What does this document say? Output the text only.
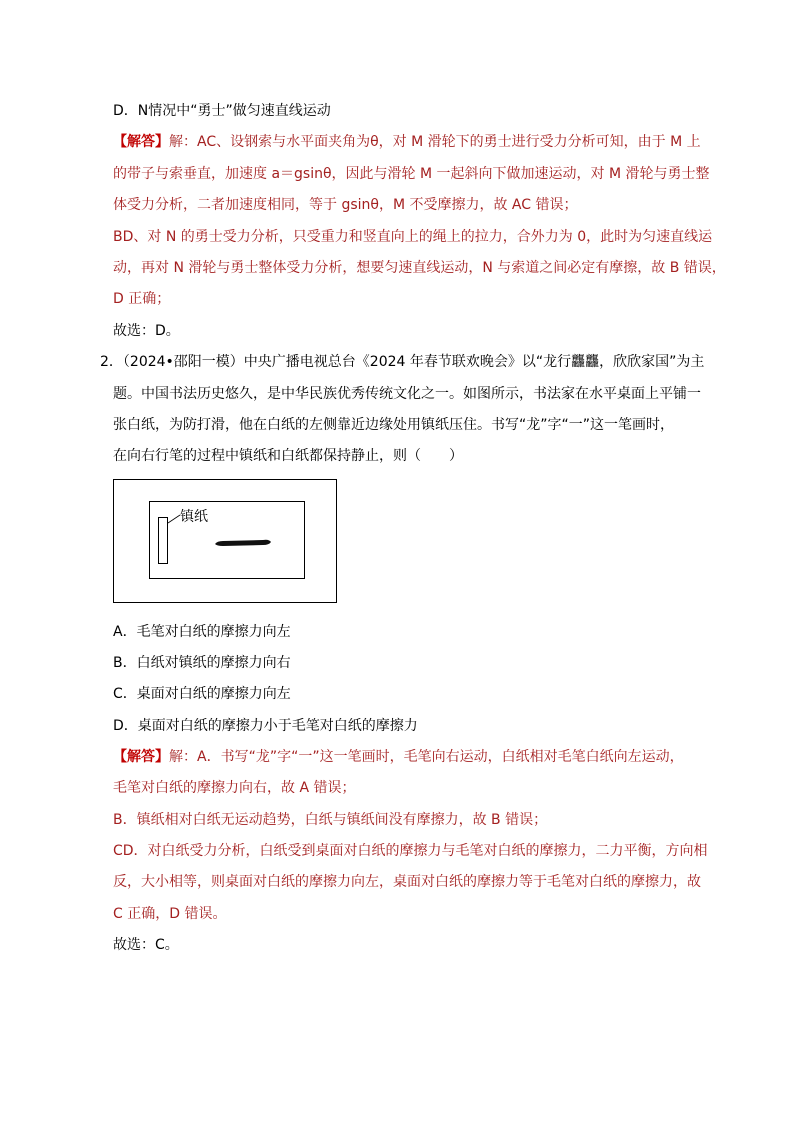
D．N情况中“勇士”做匀速直线运动
【解答】解：AC、设钢索与水平面夹角为θ，对 M 滑轮下的勇士进行受力分析可知，由于 M 上
的带子与索垂直，加速度 a＝gsinθ，因此与滑轮 M 一起斜向下做加速运动，对 M 滑轮与勇士整
体受力分析，二者加速度相同，等于 gsinθ，M 不受摩擦力，故 AC 错误；
BD、对 N 的勇士受力分析，只受重力和竖直向上的绳上的拉力，合外力为 0，此时为匀速直线运
动，再对 N 滑轮与勇士整体受力分析，想要匀速直线运动，N 与索道之间必定有摩擦，故 B 错误，
D 正确；
故选：D。
2．（2024•邵阳一模）中央广播电视总台《2024 年春节联欢晚会》以“龙行龘龘，欣欣家国”为主
题。中国书法历史悠久，是中华民族优秀传统文化之一。如图所示，书法家在水平桌面上平铺一
张白纸，为防打滑，他在白纸的左侧靠近边缘处用镇纸压住。书写“龙”字“一”这一笔画时，
在向右行笔的过程中镇纸和白纸都保持静止，则（　　）
镇纸
A．毛笔对白纸的摩擦力向左
B．白纸对镇纸的摩擦力向右
C．桌面对白纸的摩擦力向左
D．桌面对白纸的摩擦力小于毛笔对白纸的摩擦力
【解答】解：A．书写“龙”字“一”这一笔画时，毛笔向右运动，白纸相对毛笔白纸向左运动，
毛笔对白纸的摩擦力向右，故 A 错误；
B．镇纸相对白纸无运动趋势，白纸与镇纸间没有摩擦力，故 B 错误；
CD．对白纸受力分析，白纸受到桌面对白纸的摩擦力与毛笔对白纸的摩擦力，二力平衡，方向相
反，大小相等，则桌面对白纸的摩擦力向左，桌面对白纸的摩擦力等于毛笔对白纸的摩擦力，故
C 正确，D 错误。
故选：C。
